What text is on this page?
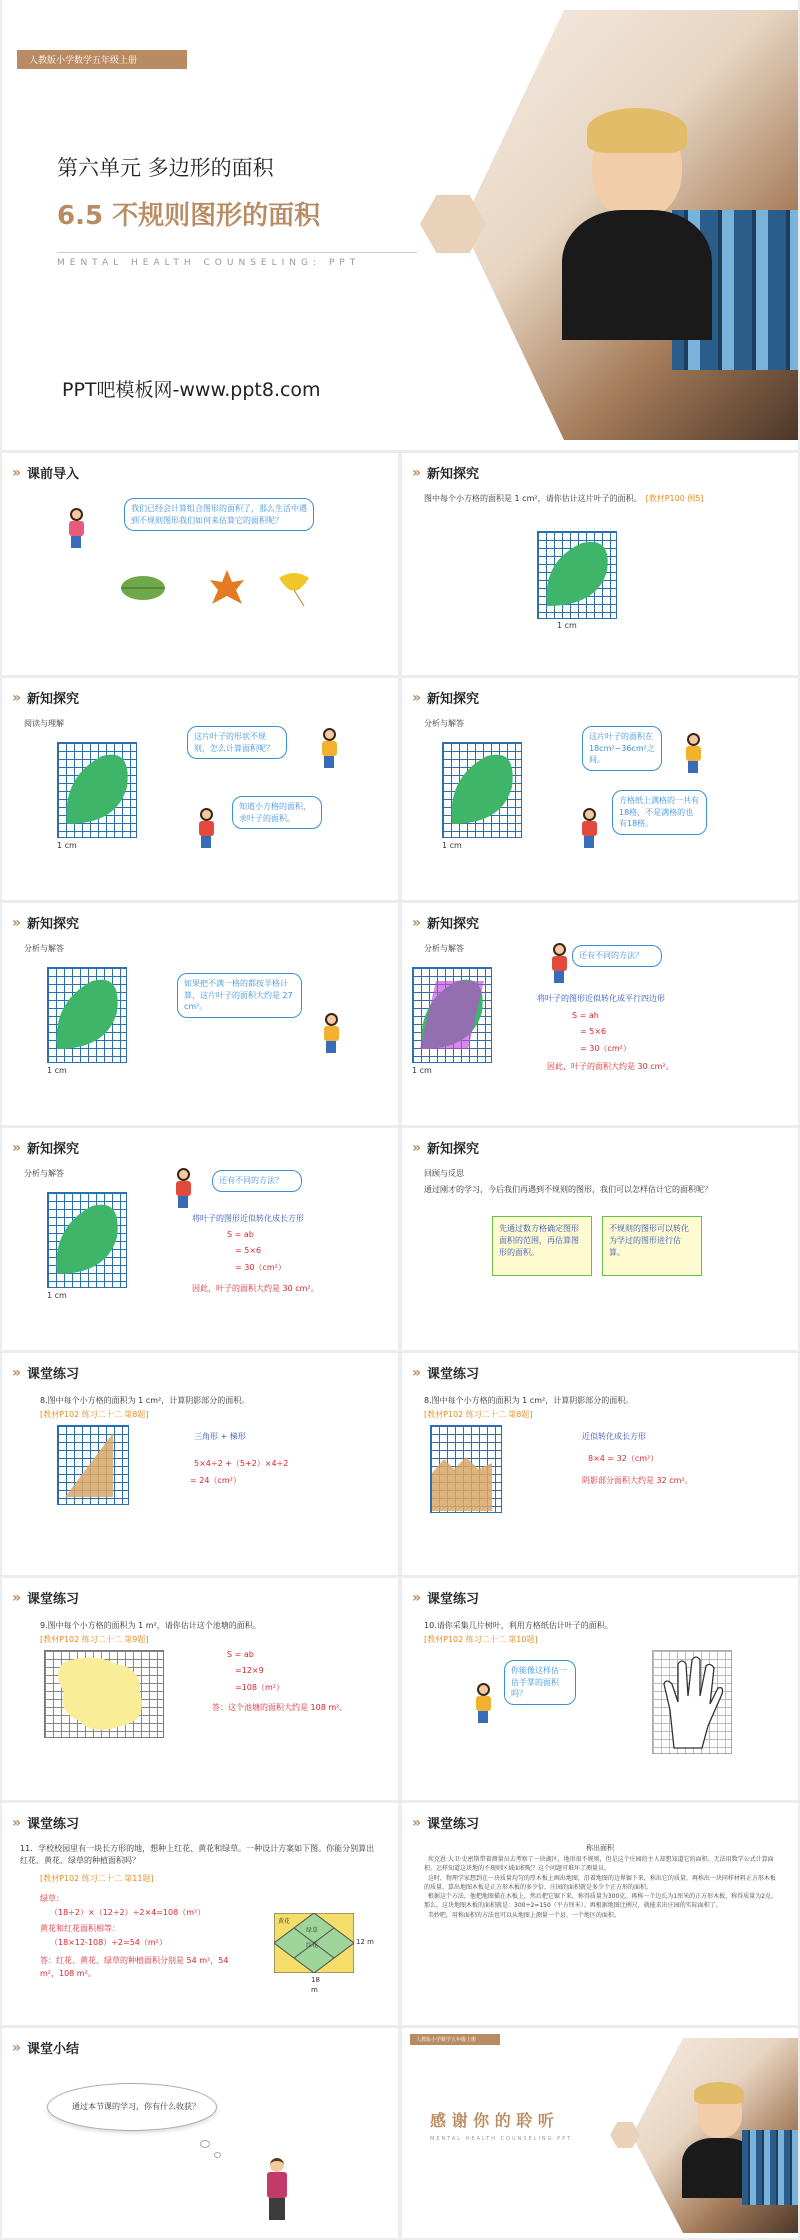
人教版小学数学五年级上册
第六单元 多边形的面积
6.5 不规则图形的面积
MENTAL HEALTH COUNSELING: PPT
PPT吧模板网-www.ppt8.com
» 课前导入
我们已经会计算组合图形的面积了，那么生活中遇到不规则图形我们如何来估算它的面积呢？
» 新知探究
图中每个小方格的面积是 1 cm²，请你估计这片叶子的面积。 [教材P100 例5]
1 cm
» 新知探究
阅读与理解
1 cm
这片叶子的形状不规则，怎么计算面积呢？
知道小方格的面积，求叶子的面积。
» 新知探究
分析与解答
1 cm
这片叶子的面积在18cm²~36cm²之间。
方格纸上满格的一共有18格，不是满格的也有18格。
» 新知探究
分析与解答
1 cm
如果把不满一格的都按半格计算，这片叶子的面积大约是 27 cm²。
» 新知探究
分析与解答
1 cm
还有不同的方法？
将叶子的图形近似转化成平行四边形
S = ah
= 5×6
= 30（cm²）
因此，叶子的面积大约是 30 cm²。
» 新知探究
分析与解答
1 cm
还有不同的方法？
将叶子的图形近似转化成长方形
S = ab
= 5×6
= 30（cm²）
因此，叶子的面积大约是 30 cm²。
» 新知探究
回顾与反思
通过刚才的学习，今后我们再遇到不规则的图形，我们可以怎样估计它的面积呢？
先通过数方格确定图形面积的范围，再估算图形的面积。
不规则的图形可以转化为学过的图形进行估算。
» 课堂练习
8.图中每个小方格的面积为 1 cm²，计算阴影部分的面积。
[教材P102 练习二十二 第8题]
三角形 + 梯形
5×4÷2 +（5+2）×4÷2
= 24（cm²）
» 课堂练习
8.图中每个小方格的面积为 1 cm²，计算阴影部分的面积。
[教材P102 练习二十二 第8题]
近似转化成长方形
8×4 = 32（cm²）
阴影部分面积大约是 32 cm²。
» 课堂练习
9.图中每个小方格的面积为 1 m²，请你估计这个池塘的面积。
[教材P102 练习二十二 第9题]
S = ab
=12×9
=108（m²）
答：这个池塘的面积大约是 108 m²。
» 课堂练习
10.请你采集几片树叶，利用方格纸估计叶子的面积。
[教材P102 练习二十二 第10题]
你能像这样估一估手掌的面积吗？
» 课堂练习
11．学校校园里有一块长方形的地，想种上红花、黄花和绿草。一种设计方案如下图。你能分别算出红花、黄花、绿草的种植面积吗？
[教材P102 练习二十二 第11题]
绿草：
（18÷2）×（12÷2）÷2×4=108（m²）
黄花和红花面积相等：
（18×12-108）÷2=54（m²）
答：红花、黄花、绿草的种植面积分别是 54 m²，54 m²，108 m²。
绿草
黄花
红花	12 m
18
m
» 课堂练习
称出面积
埃克恩·大卫·史密斯带着测量员去考察了一块湖区，地形很不规则，但是这个庄园的主人却想知道它的面积。无法用数学公式计算面积。怎样知道这块地的不规则区域面积呢？这个问题可难坏了测量员。
这时，物理学家想到在一块质量均匀的厚木板上画出地图，沿着地图的边界锯下来，称出它的质量，再称出一块同样材料正方形木板的质量，算出地图木板是正方形木板的多少倍，庄园的面积就是多少个正方形的面积。
根据这个方法，他把地图描在木板上，然后把它锯下来，称得质量为300克。再称一个边长为1厘米的正方形木板，称得质量为2克。那么，这块地图木板的面积就是：300÷2=150（平方厘米）。再根据地图比例尺，就能求出庄园的实际面积了。
美妙吧，用称面积的方法也可以从地图上测量一个县、一个地区的面积。
» 课堂小结
通过本节课的学习，你有什么收获？
人教版小学数学五年级上册
感 谢 你 的 聆 听
MENTAL HEALTH COUNSELING PPT
